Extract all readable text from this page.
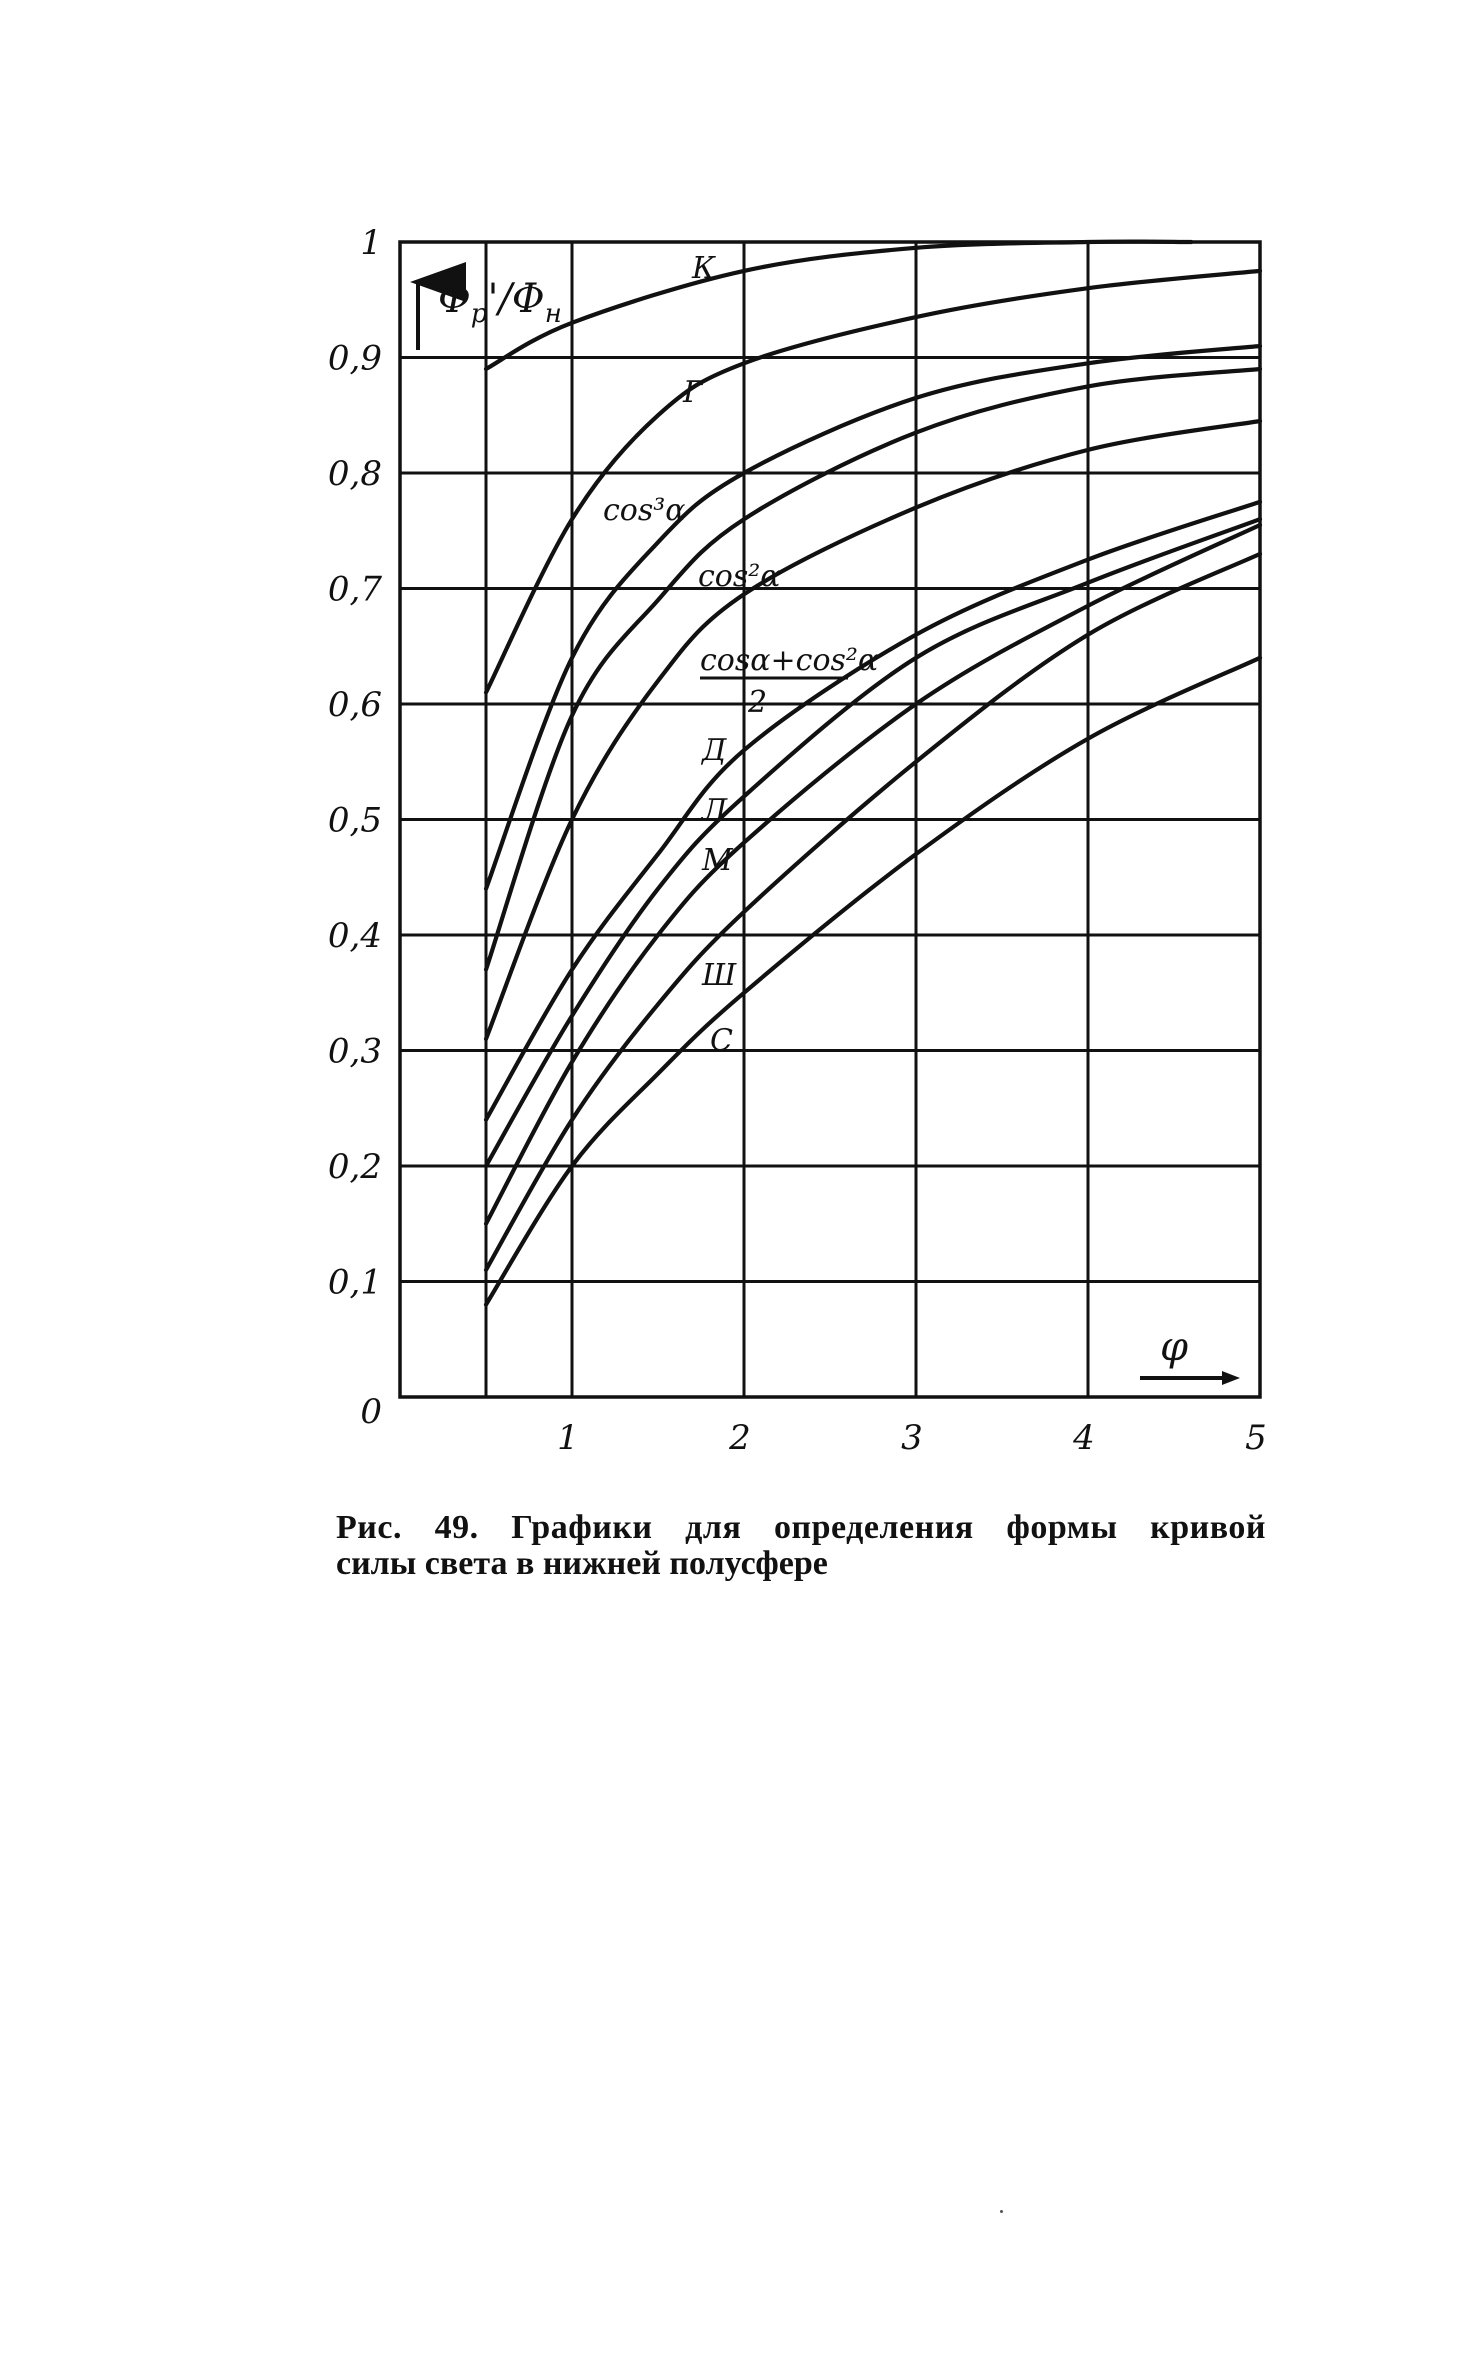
0,1
0,2
0,3
0,4
0,5
0,6
0,7
0,8
0,9
1
1	2	3	4	5
0
$\Phi_p'/\Phi_н$
φ
К
Г
cos³α
cos²α
cosα+cos²α
2
Д
Л
М
Ш
С
Рис. 49. Графики для определения формы кривой
силы света в нижней полусфере
